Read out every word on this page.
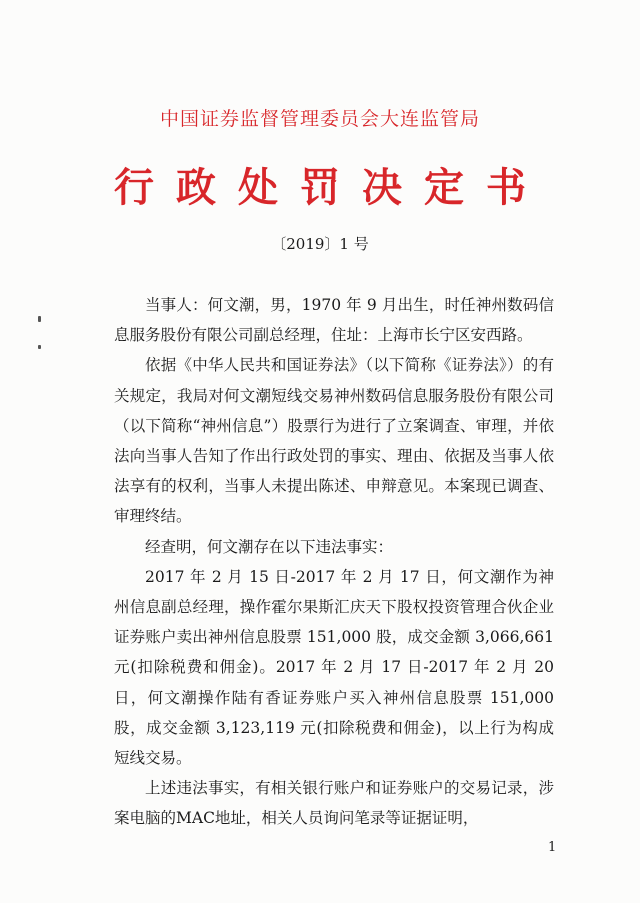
中国证券监督管理委员会大连监管局
行政处罚决定书
〔2019〕1 号

当事人：何文潮，男，1970 年 9 月出生，时任神州数码信息服务股份有限公司副总经理，住址：上海市长宁区安西路。

依据《中华人民共和国证券法》（以下简称《证券法》）的有关规定，我局对何文潮短线交易神州数码信息服务股份有限公司（以下简称“神州信息”）股票行为进行了立案调查、审理，并依法向当事人告知了作出行政处罚的事实、理由、依据及当事人依法享有的权利，当事人未提出陈述、申辩意见。本案现已调查、审理终结。

经查明，何文潮存在以下违法事实：

2017 年 2 月 15 日-2017 年 2 月 17 日，何文潮作为神州信息副总经理，操作霍尔果斯汇庆天下股权投资管理合伙企业证券账户卖出神州信息股票 151,000 股，成交金额 3,066,661 元(扣除税费和佣金)。2017 年 2 月 17 日-2017 年 2 月 20 日，何文潮操作陆有香证券账户买入神州信息股票 151,000 股，成交金额 3,123,119 元(扣除税费和佣金)，以上行为构成短线交易。

上述违法事实，有相关银行账户和证券账户的交易记录，涉案电脑的MAC地址，相关人员询问笔录等证据证明，

1
